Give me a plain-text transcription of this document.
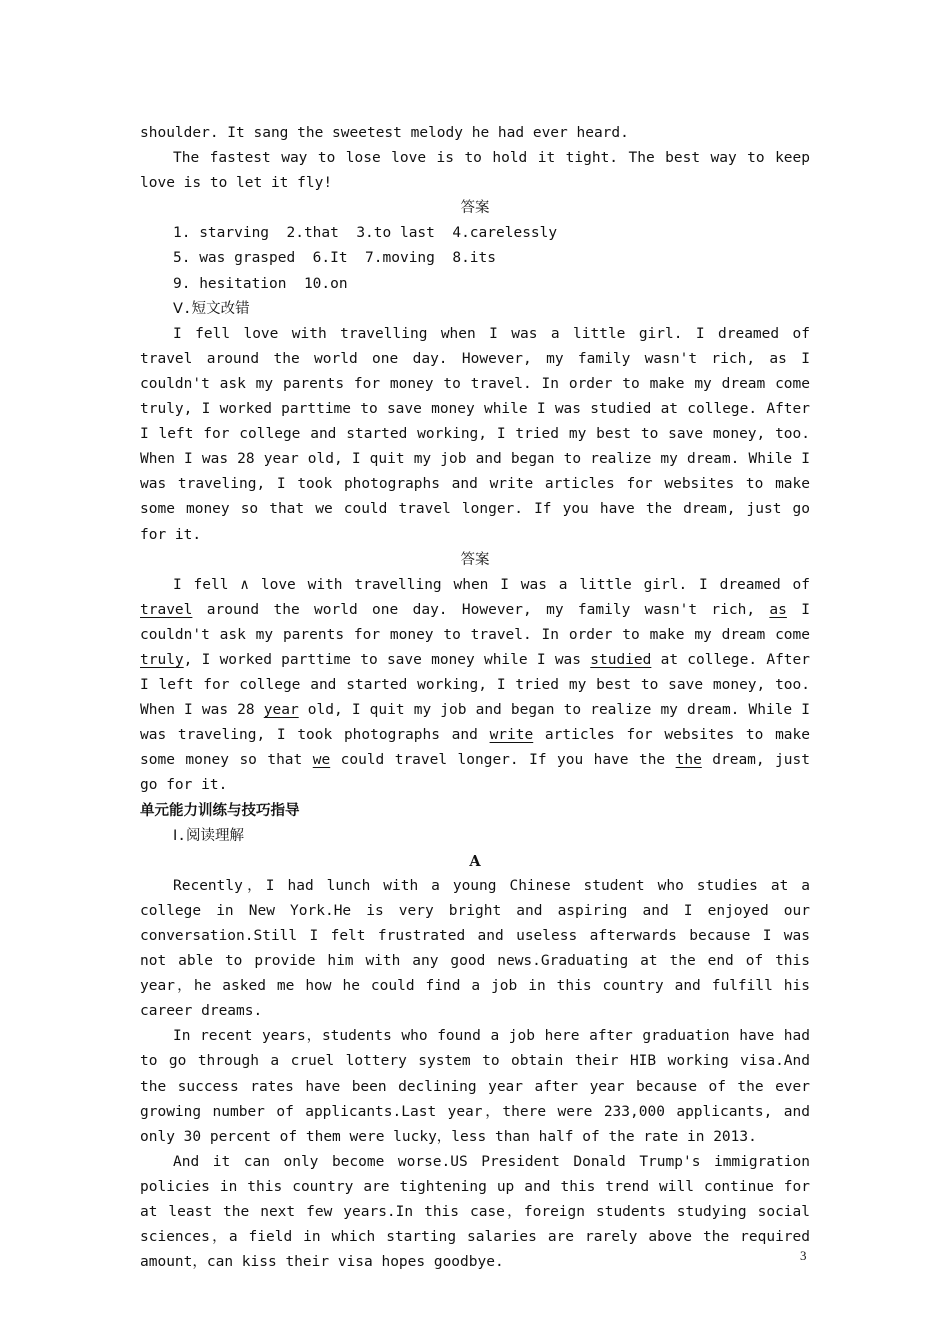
shoulder. It sang the sweetest melody he had ever heard.

The fastest way to lose love is to hold it tight. The best way to keep love is to let it fly!

答案

1. starving  2.that  3.to last  4.carelessly

5. was grasped  6.It  7.moving  8.its

9. hesitation  10.on

Ⅴ.短文改错

I fell love with travelling when I was a little girl. I dreamed of travel around the world one day. However, my family wasn't rich, as I couldn't ask my parents for money to travel. In order to make my dream come truly, I worked parttime to save money while I was studied at college. After I left for college and started working, I tried my best to save money, too. When I was 28 year old, I quit my job and began to realize my dream. While I was traveling, I took photographs and write articles for websites to make some money so that we could travel longer. If you have the dream, just go for it.

答案

I fell ∧ love with travelling when I was a little girl. I dreamed of travel around the world one day. However, my family wasn't rich, as I couldn't ask my parents for money to travel. In order to make my dream come truly, I worked parttime to save money while I was studied at college. After I left for college and started working, I tried my best to save money, too. When I was 28 year old, I quit my job and began to realize my dream. While I was traveling, I took photographs and write articles for websites to make some money so that we could travel longer. If you have the the dream, just go for it.

单元能力训练与技巧指导

Ⅰ.阅读理解

A

Recently，I had lunch with a young Chinese student who studies at a college in New York.He is very bright and aspiring and I enjoyed our conversation.Still I felt frustrated and useless afterwards because I was not able to provide him with any good news.Graduating at the end of this year，he asked me how he could find a job in this country and fulfill his career dreams.

In recent years，students who found a job here after graduation have had to go through a cruel lottery system to obtain their HIB working visa.And the success rates have been declining year after year because of the ever growing number of applicants.Last year，there were 233,000 applicants, and only 30 percent of them were lucky，less than half of the rate in 2013.

And it can only become worse.US President Donald Trump's immigration policies in this country are tightening up and this trend will continue for at least the next few years.In this case，foreign students studying social sciences，a field in which starting salaries are rarely above the required amount，can kiss their visa hopes goodbye.	3
